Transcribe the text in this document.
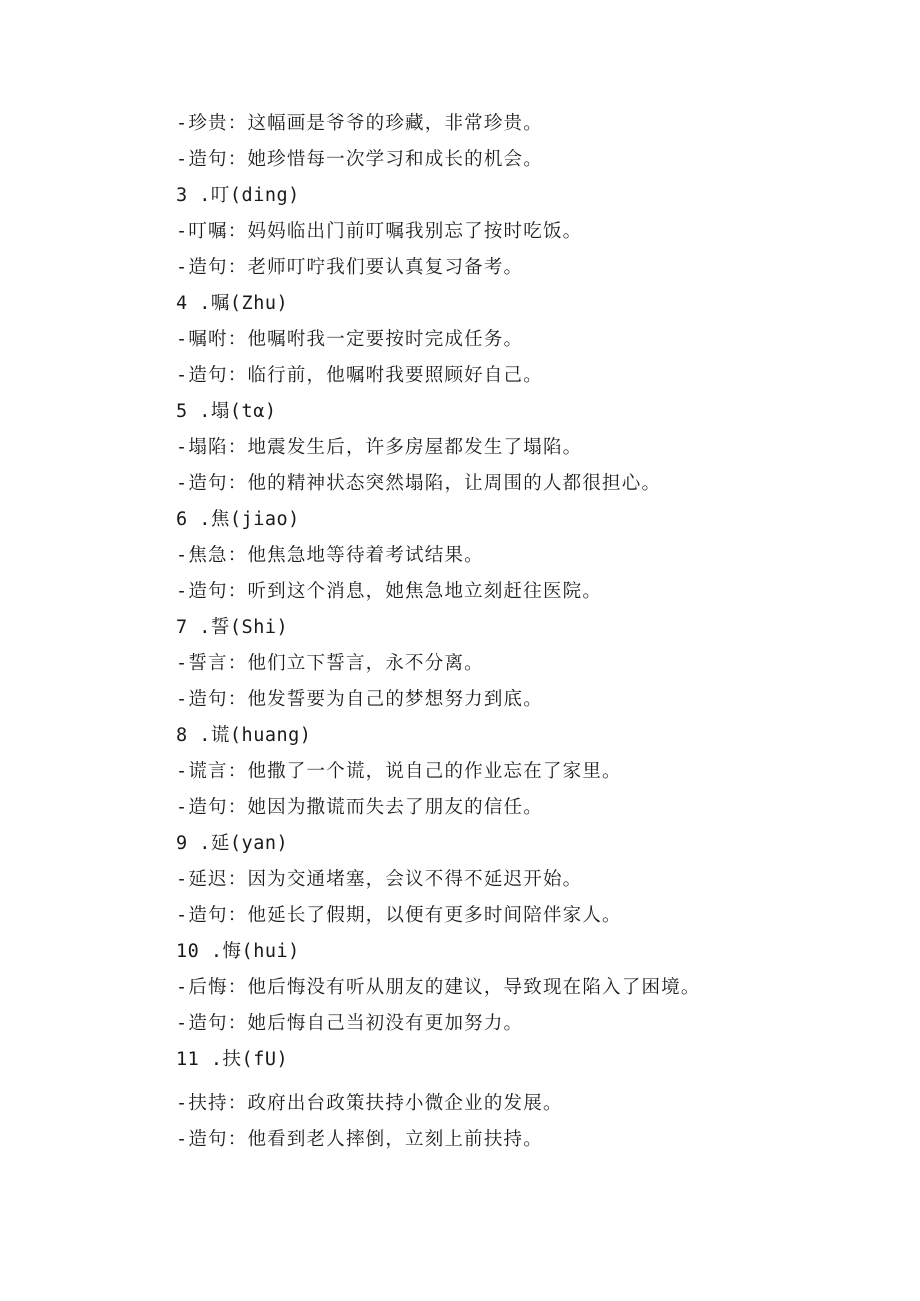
-珍贵：这幅画是爷爷的珍藏，非常珍贵。
-造句：她珍惜每一次学习和成长的机会。
3 .叮(ding)
-叮嘱：妈妈临出门前叮嘱我别忘了按时吃饭。
-造句：老师叮咛我们要认真复习备考。
4 .嘱(Zhu)
-嘱咐：他嘱咐我一定要按时完成任务。
-造句：临行前，他嘱咐我要照顾好自己。
5 .塌(tα)
-塌陷：地震发生后，许多房屋都发生了塌陷。
-造句：他的精神状态突然塌陷，让周围的人都很担心。
6 .焦(jiao)
-焦急：他焦急地等待着考试结果。
-造句：听到这个消息，她焦急地立刻赶往医院。
7 .誓(Shi)
-誓言：他们立下誓言，永不分离。
-造句：他发誓要为自己的梦想努力到底。
8 .谎(huang)
-谎言：他撒了一个谎，说自己的作业忘在了家里。
-造句：她因为撒谎而失去了朋友的信任。
9 .延(yan)
-延迟：因为交通堵塞，会议不得不延迟开始。
-造句：他延长了假期，以便有更多时间陪伴家人。
10 .悔(hui)
-后悔：他后悔没有听从朋友的建议，导致现在陷入了困境。
-造句：她后悔自己当初没有更加努力。
11 .扶(fU)
-扶持：政府出台政策扶持小微企业的发展。
-造句：他看到老人摔倒，立刻上前扶持。
